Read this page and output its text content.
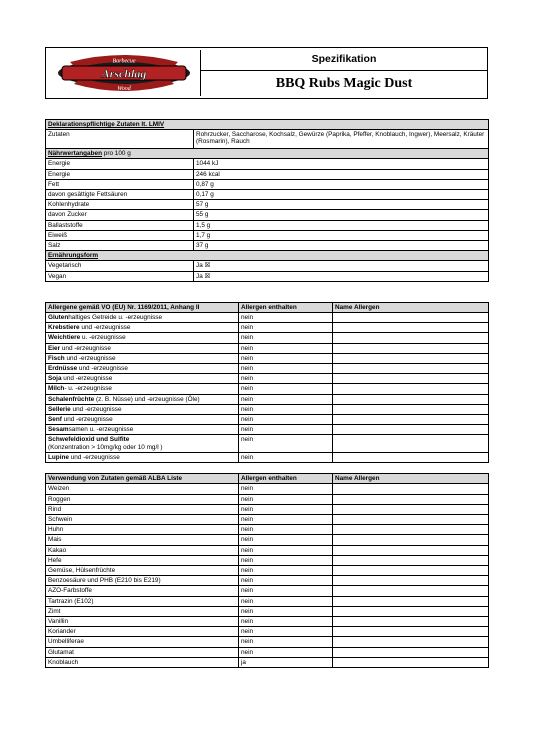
Barbecue
Arschlag
Wood
Spezifikation
BBQ Rubs Magic Dust
Deklarationspflichtige Zutaten lt. LMIV	
Zutaten	Rohrzucker, Saccharose, Kochsalz, Gewürze (Paprika, Pfeffer, Knoblauch, Ingwer), Meersalz, Kräuter (Rosmarin), Rauch
Nährwertangaben pro 100 g	
Energie	1044 kJ
Energie	246 kcal
Fett	0,87 g
davon gesättigte Fettsäuren	0,17 g
Kohlenhydrate	57 g
davon Zucker	55 g
Ballaststoffe	1,5 g
Eiweiß	1,7 g
Salz	37 g
Ernährungsform	
Vegetarisch	Ja ☒
Vegan	Ja ☒
Allergene gemäß VO (EU) Nr. 1169/2011, Anhang II	Allergen enthalten	Name Allergen
Glutenhaltiges Getreide u. -erzeugnisse	nein	
Krebstiere und -erzeugnisse	nein	
Weichtiere u. -erzeugnisse	nein	
Eier und -erzeugnisse	nein	
Fisch und -erzeugnisse	nein	
Erdnüsse und -erzeugnisse	nein	
Soja und -erzeugnisse	nein	
Milch- u. -erzeugnisse	nein	
Schalenfrüchte (z. B. Nüsse) und -erzeugnisse (Öle)	nein	
Sellerie und -erzeugnisse	nein	
Senf und -erzeugnisse	nein	
Sesamsamen u. -erzeugnisse	nein	
Schwefeldioxid und Sulfite
(Konzentration > 10mg/kg oder 10 mg/l )	nein	
Lupine und -erzeugnisse	nein	
Verwendung von Zutaten gemäß ALBA Liste	Allergen enthalten	Name Allergen
Weizen	nein	
Roggen	nein	
Rind	nein	
Schwein	nein	
Huhn	nein	
Mais	nein	
Kakao	nein	
Hefe	nein	
Gemüse, Hülsenfrüchte	nein	
Benzoesäure und PHB (E210 bis E219)	nein	
AZO-Farbstoffe	nein	
Tartrazin (E102)	nein	
Zimt	nein	
Vanillin	nein	
Koriander	nein	
Umbelliferae	nein	
Glutamat	nein	
Knoblauch	ja	
